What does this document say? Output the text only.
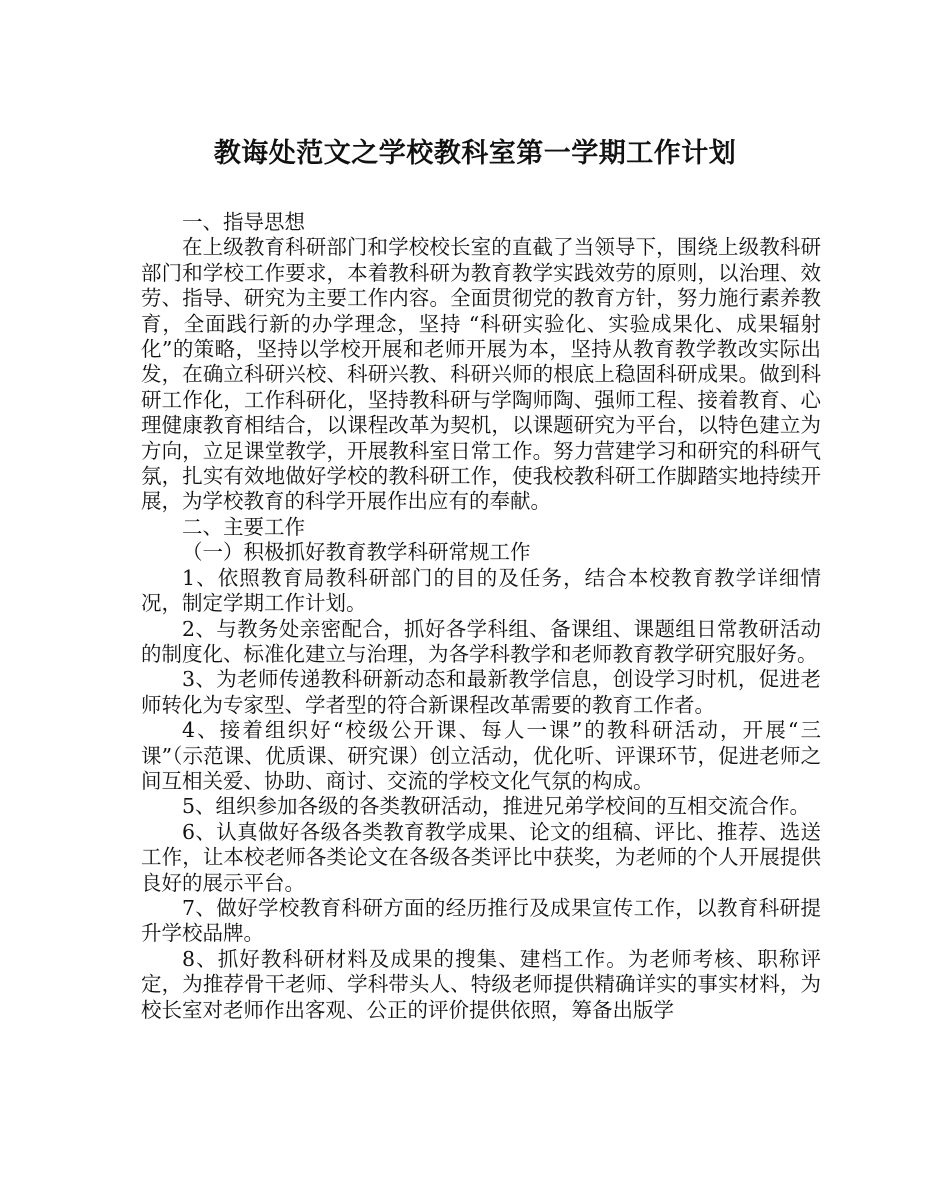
教诲处范文之学校教科室第一学期工作计划

一、指导思想

在上级教育科研部门和学校校长室的直截了当领导下，围绕上级教科研部门和学校工作要求，本着教科研为教育教学实践效劳的原则，以治理、效劳、指导、研究为主要工作内容。全面贯彻党的教育方针，努力施行素养教育，全面践行新的办学理念，坚持 “科研实验化、实验成果化、成果辐射化”的策略，坚持以学校开展和老师开展为本，坚持从教育教学教改实际出发，在确立科研兴校、科研兴教、科研兴师的根底上稳固科研成果。做到科研工作化，工作科研化，坚持教科研与学陶师陶、强师工程、接着教育、心理健康教育相结合，以课程改革为契机，以课题研究为平台，以特色建立为方向，立足课堂教学，开展教科室日常工作。努力营建学习和研究的科研气氛，扎实有效地做好学校的教科研工作，使我校教科研工作脚踏实地持续开展，为学校教育的科学开展作出应有的奉献。

二、主要工作

（一）积极抓好教育教学科研常规工作

1、依照教育局教科研部门的目的及任务，结合本校教育教学详细情况，制定学期工作计划。

2、与教务处亲密配合，抓好各学科组、备课组、课题组日常教研活动的制度化、标准化建立与治理，为各学科教学和老师教育教学研究服好务。

3、为老师传递教科研新动态和最新教学信息，创设学习时机，促进老师转化为专家型、学者型的符合新课程改革需要的教育工作者。

4、接着组织好“校级公开课、每人一课”的教科研活动，开展“三课”（示范课、优质课、研究课）创立活动，优化听、评课环节，促进老师之间互相关爱、协助、商讨、交流的学校文化气氛的构成。

5、组织参加各级的各类教研活动，推进兄弟学校间的互相交流合作。

6、认真做好各级各类教育教学成果、论文的组稿、评比、推荐、选送工作，让本校老师各类论文在各级各类评比中获奖，为老师的个人开展提供良好的展示平台。

7、做好学校教育科研方面的经历推行及成果宣传工作，以教育科研提升学校品牌。

8、抓好教科研材料及成果的搜集、建档工作。为老师考核、职称评定，为推荐骨干老师、学科带头人、特级老师提供精确详实的事实材料，为校长室对老师作出客观、公正的评价提供依照，筹备出版学
